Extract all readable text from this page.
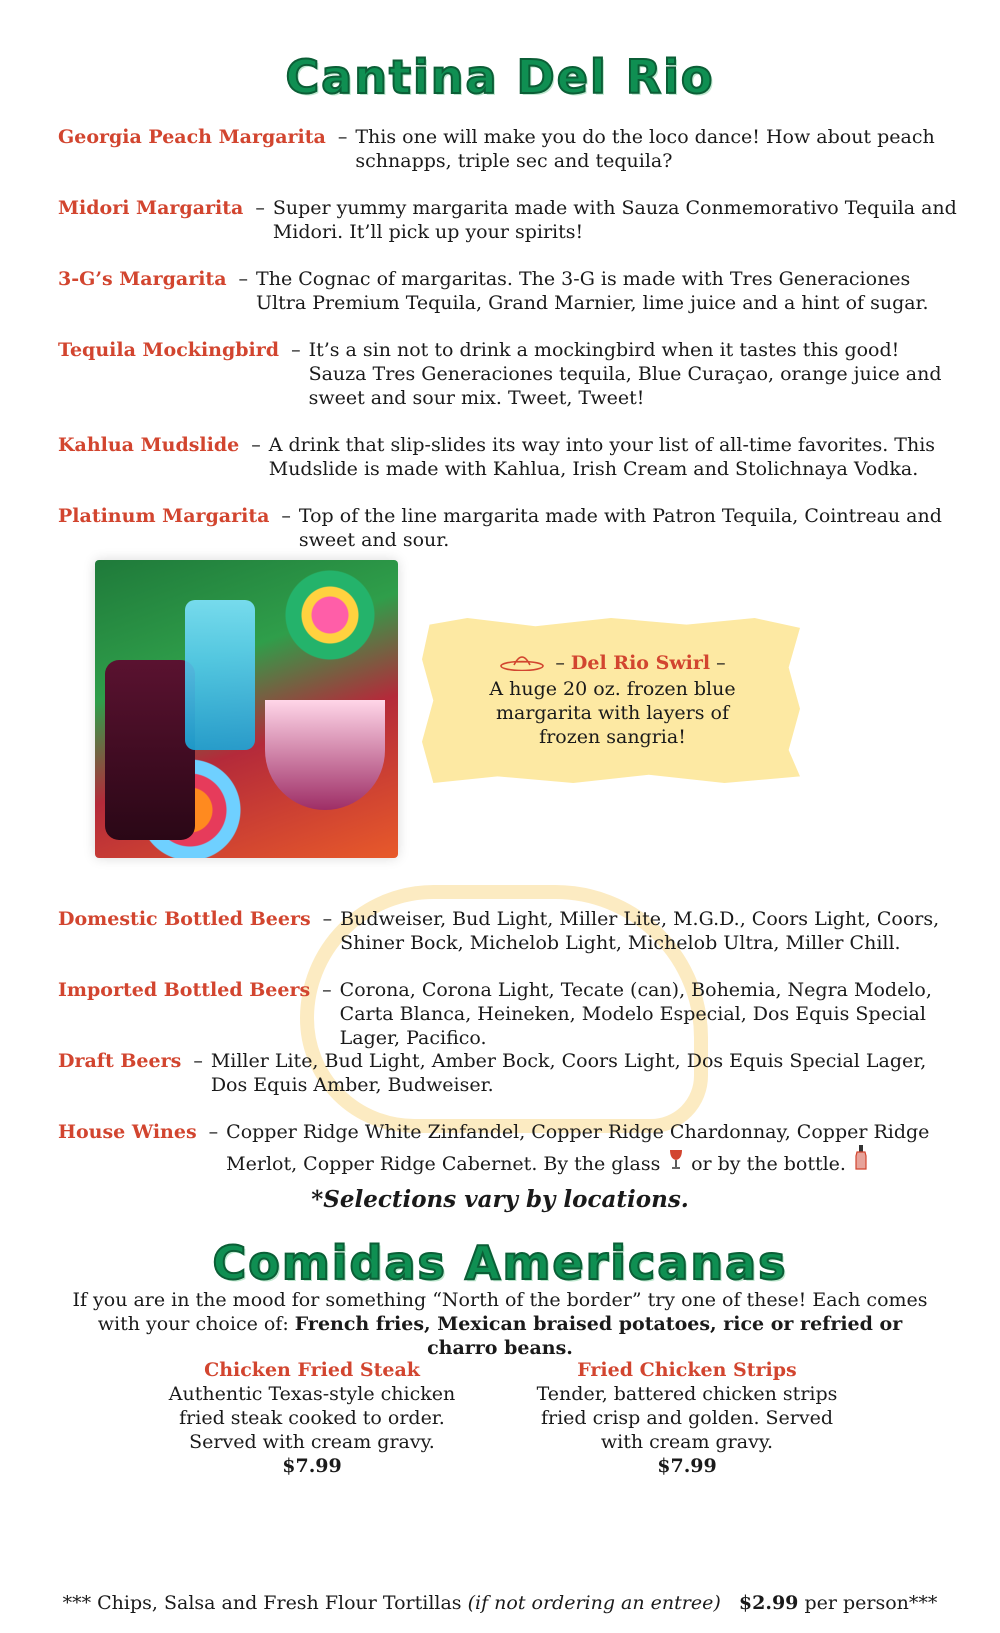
Cantina Del Rio
Georgia Peach Margarita – This one will make you do the loco dance! How about peach schnapps, triple sec and tequila?
Midori Margarita – Super yummy margarita made with Sauza Conmemorativo Tequila and Midori. It’ll pick up your spirits!
3-G’s Margarita – The Cognac of margaritas. The 3-G is made with Tres Generaciones Ultra Premium Tequila, Grand Marnier, lime juice and a hint of sugar.
Tequila Mockingbird – It’s a sin not to drink a mockingbird when it tastes this good! Sauza Tres Generaciones tequila, Blue Curaçao, orange juice and sweet and sour mix. Tweet, Tweet!
Kahlua Mudslide – A drink that slip-slides its way into your list of all-time favorites. This Mudslide is made with Kahlua, Irish Cream and Stolichnaya Vodka.
Platinum Margarita – Top of the line margarita made with Patron Tequila, Cointreau and sweet and sour.
– Del Rio Swirl –
A huge 20 oz. frozen blue margarita with layers of frozen sangria!
Domestic Bottled Beers – Budweiser, Bud Light, Miller Lite, M.G.D., Coors Light, Coors, Shiner Bock, Michelob Light, Michelob Ultra, Miller Chill.
Imported Bottled Beers – Corona, Corona Light, Tecate (can), Bohemia, Negra Modelo, Carta Blanca, Heineken, Modelo Especial, Dos Equis Special Lager, Pacifico.
Draft Beers – Miller Lite, Bud Light, Amber Bock, Coors Light, Dos Equis Special Lager, Dos Equis Amber, Budweiser.
House Wines – Copper Ridge White Zinfandel, Copper Ridge Chardonnay, Copper Ridge Merlot, Copper Ridge Cabernet. By the glass or by the bottle.
*Selections vary by locations.
Comidas Americanas
If you are in the mood for something “North of the border” try one of these! Each comes with your choice of: French fries, Mexican braised potatoes, rice or refried or charro beans.
Chicken Fried Steak
Authentic Texas-style chicken fried steak cooked to order. Served with cream gravy.
$7.99
Fried Chicken Strips
Tender, battered chicken strips fried crisp and golden. Served with cream gravy.
$7.99
*** Chips, Salsa and Fresh Flour Tortillas (if not ordering an entree) $2.99 per person***
